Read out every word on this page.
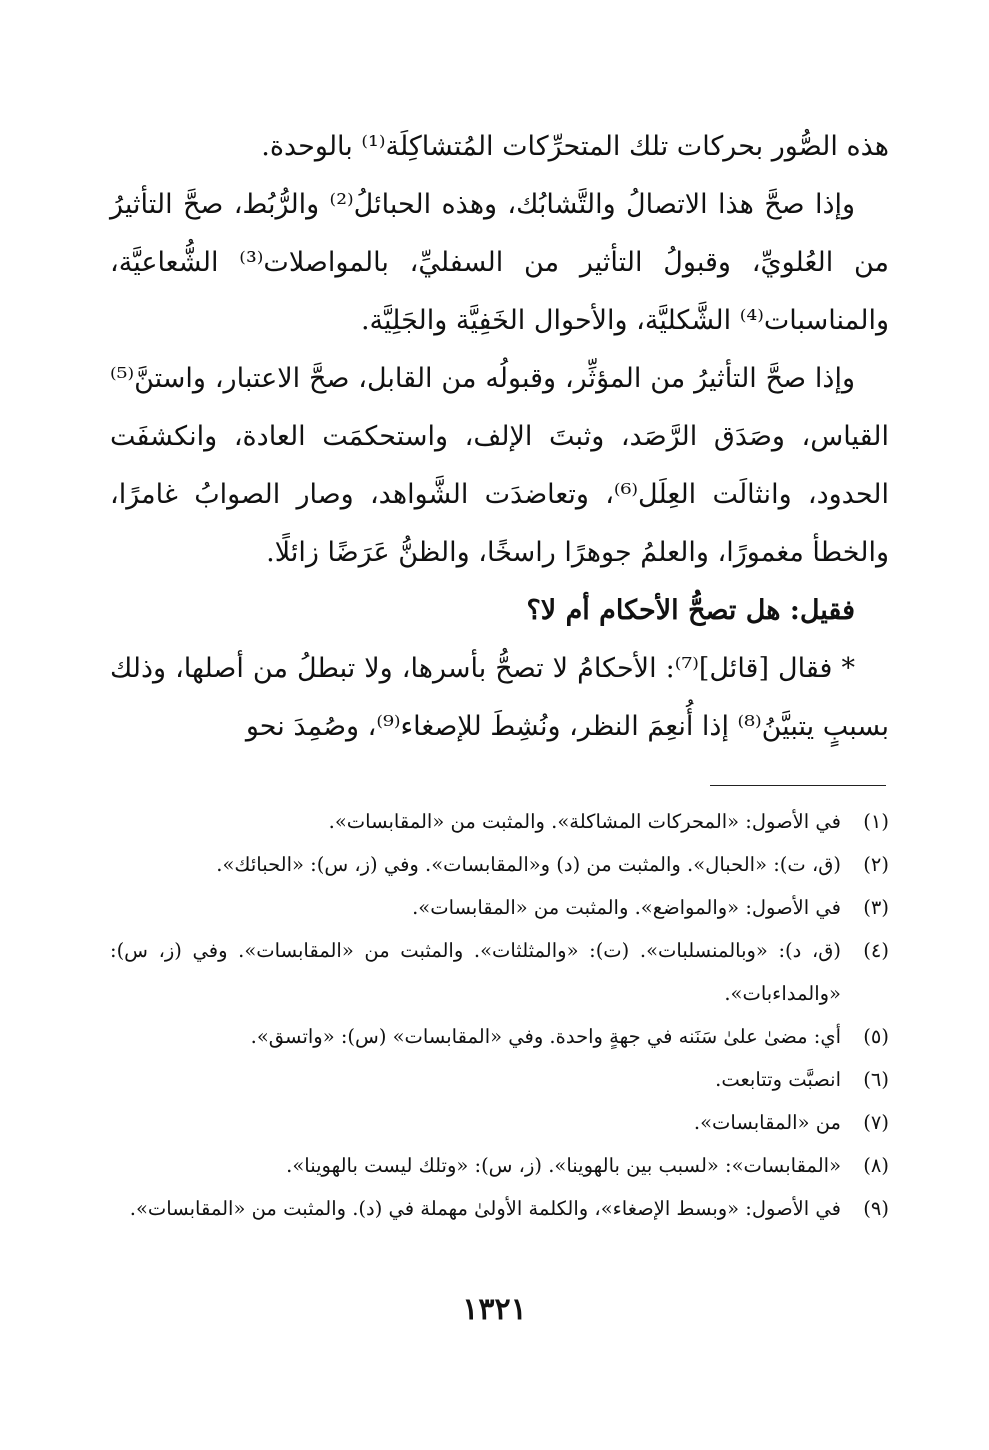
هذه الصُّور بحركات تلك المتحرِّكات المُتشاكِلَة⁽¹⁾ بالوحدة.

وإذا صحَّ هذا الاتصالُ والتَّشابُك، وهذه الحبائلُ⁽²⁾ والرُّبُط، صحَّ التأثيرُ من العُلويِّ، وقبولُ التأثير من السفليِّ، بالمواصلات⁽³⁾ الشُّعاعيَّة، والمناسبات⁽⁴⁾ الشَّكليَّة، والأحوال الخَفِيَّة والجَلِيَّة.

وإذا صحَّ التأثيرُ من المؤثِّر، وقبولُه من القابل، صحَّ الاعتبار، واستنَّ⁽⁵⁾ القياس، وصَدَق الرَّصَد، وثبتَ الإلف، واستحكمَت العادة، وانكشفَت الحدود، وانثالَت العِلَل⁽⁶⁾، وتعاضدَت الشَّواهد، وصار الصوابُ غامرًا، والخطأ مغمورًا، والعلمُ جوهرًا راسخًا، والظنُّ عَرَضًا زائلًا.

فقيل: هل تصحُّ الأحكام أم لا؟

* فقال [قائل]⁽⁷⁾: الأحكامُ لا تصحُّ بأسرها، ولا تبطلُ من أصلها، وذلك بسببٍ يتبيَّنُ⁽⁸⁾ إذا أُنعِمَ النظر، ونُشِطَ للإصغاء⁽⁹⁾، وصُمِدَ نحو

(١)
في الأصول: «المحركات المشاكلة». والمثبت من «المقابسات».
(٢)
(ق، ت): «الحبال». والمثبت من (د) و«المقابسات». وفي (ز، س): «الحبائك».
(٣)
في الأصول: «والمواضع». والمثبت من «المقابسات».
(٤)
(ق، د): «وبالمنسلبات». (ت): «والمثلثات». والمثبت من «المقابسات». وفي (ز، س): «والمداءبات».
(٥)
أي: مضىٰ علىٰ سَنَنه في جهةٍ واحدة. وفي «المقابسات» (س): «واتسق».
(٦)
انصبَّت وتتابعت.
(٧)
من «المقابسات».
(٨)
«المقابسات»: «لسبب بين بالهوينا». (ز، س): «وتلك ليست بالهوينا».
(٩)
في الأصول: «وبسط الإصغاء»، والكلمة الأولىٰ مهملة في (د). والمثبت من «المقابسات».
١٣٢١
